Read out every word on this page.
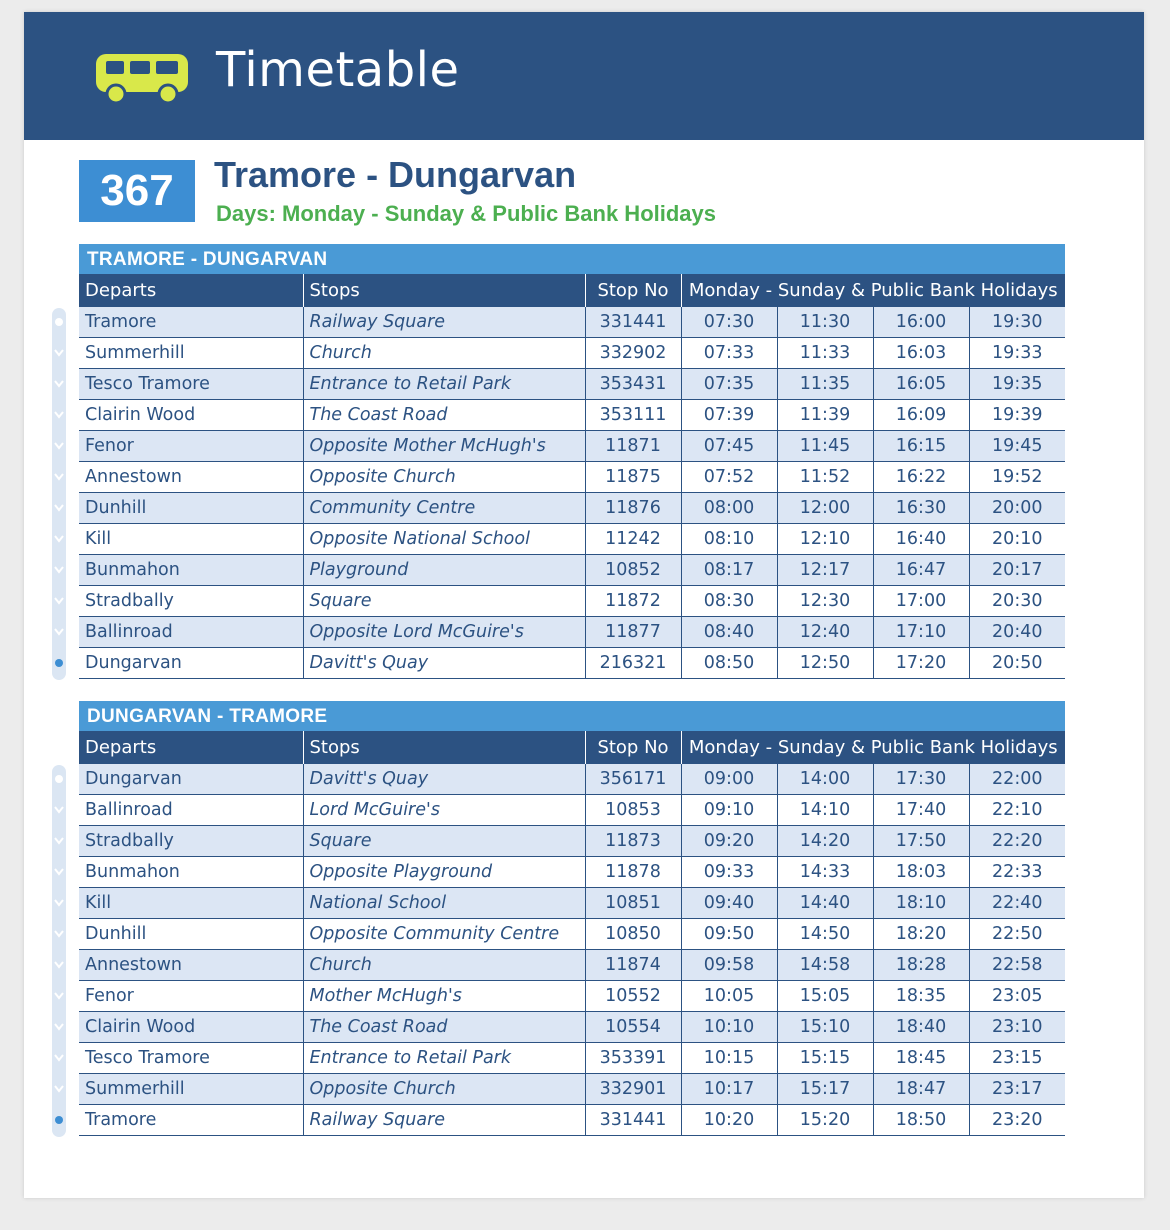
Timetable
367	Tramore - Dungarvan
Days: Monday - Sunday & Public Bank Holidays
TRAMORE - DUNGARVAN
Departs	Stops	Stop No	Monday - Sunday & Public Bank Holidays			
Tramore	Railway Square	331441	07:30	11:30	16:00	19:30
Summerhill	Church	332902	07:33	11:33	16:03	19:33
Tesco Tramore	Entrance to Retail Park	353431	07:35	11:35	16:05	19:35
Clairin Wood	The Coast Road	353111	07:39	11:39	16:09	19:39
Fenor	Opposite Mother McHugh's	11871	07:45	11:45	16:15	19:45
Annestown	Opposite Church	11875	07:52	11:52	16:22	19:52
Dunhill	Community Centre	11876	08:00	12:00	16:30	20:00
Kill	Opposite National School	11242	08:10	12:10	16:40	20:10
Bunmahon	Playground	10852	08:17	12:17	16:47	20:17
Stradbally	Square	11872	08:30	12:30	17:00	20:30
Ballinroad	Opposite Lord McGuire's	11877	08:40	12:40	17:10	20:40
Dungarvan	Davitt's Quay	216321	08:50	12:50	17:20	20:50
DUNGARVAN - TRAMORE
Departs	Stops	Stop No	Monday - Sunday & Public Bank Holidays			
Dungarvan	Davitt's Quay	356171	09:00	14:00	17:30	22:00
Ballinroad	Lord McGuire's	10853	09:10	14:10	17:40	22:10
Stradbally	Square	11873	09:20	14:20	17:50	22:20
Bunmahon	Opposite Playground	11878	09:33	14:33	18:03	22:33
Kill	National School	10851	09:40	14:40	18:10	22:40
Dunhill	Opposite Community Centre	10850	09:50	14:50	18:20	22:50
Annestown	Church	11874	09:58	14:58	18:28	22:58
Fenor	Mother McHugh's	10552	10:05	15:05	18:35	23:05
Clairin Wood	The Coast Road	10554	10:10	15:10	18:40	23:10
Tesco Tramore	Entrance to Retail Park	353391	10:15	15:15	18:45	23:15
Summerhill	Opposite Church	332901	10:17	15:17	18:47	23:17
Tramore	Railway Square	331441	10:20	15:20	18:50	23:20
